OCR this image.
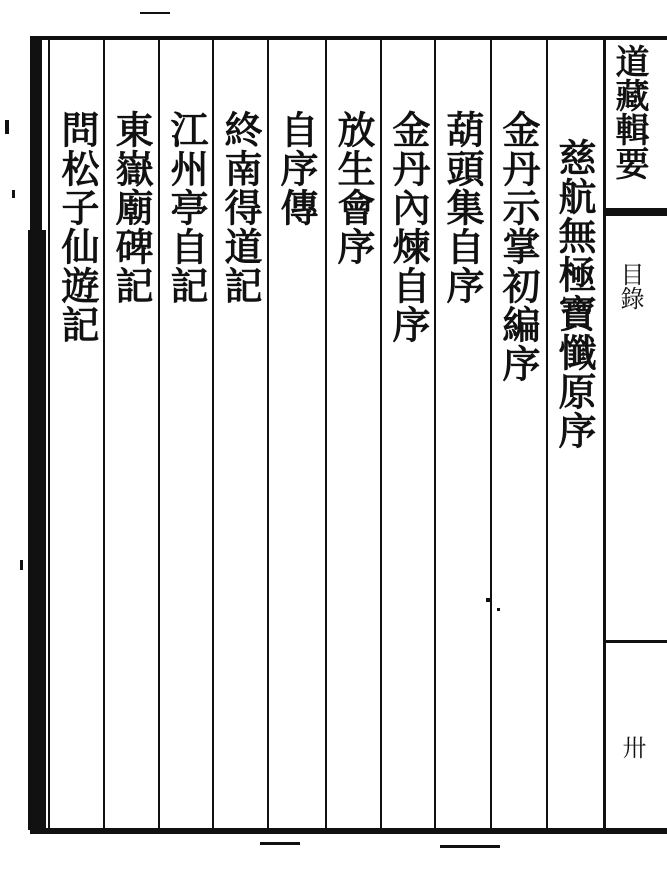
道藏輯要
目錄
卅
慈航無極寶懺原序
金丹示掌初編序
葫頭集自序
金丹內煉自序
放生會序
自序傳
終南得道記
江州亭自記
東嶽廟碑記
問松子仙遊記
